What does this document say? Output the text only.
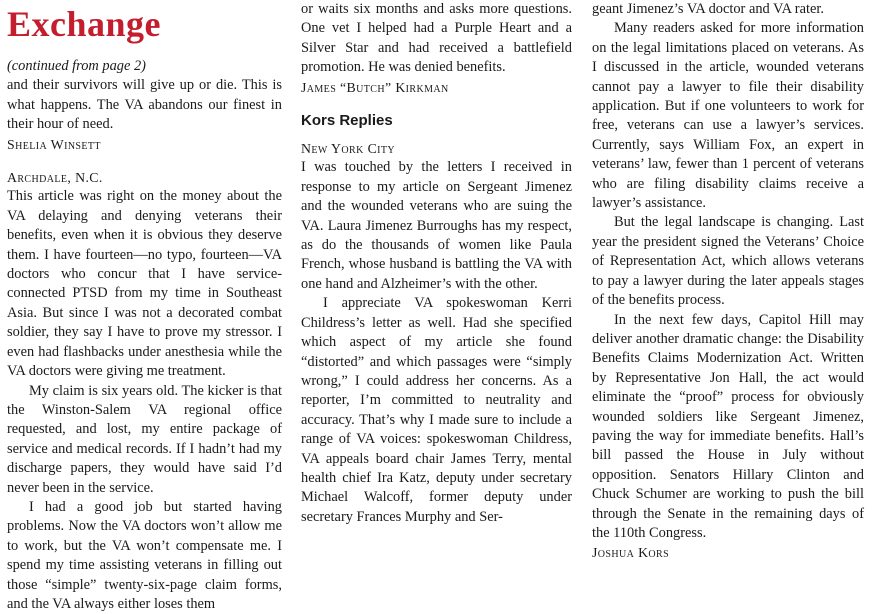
Exchange

(continued from page 2)

and their survivors will give up or die. This is what happens. The VA abandons our finest in their hour of need.

Shelia Winsett

Archdale, N.C.

This article was right on the money about the VA delaying and denying veterans their benefits, even when it is obvious they deserve them. I have fourteen—no typo, fourteen—VA doctors who concur that I have service-connected PTSD from my time in Southeast Asia. But since I was not a decorated combat soldier, they say I have to prove my stressor. I even had flashbacks under anesthesia while the VA doctors were giving me treatment.

My claim is six years old. The kicker is that the Winston-Salem VA regional office requested, and lost, my entire package of service and medical records. If I hadn’t had my discharge papers, they would have said I’d never been in the service.

I had a good job but started having problems. Now the VA doctors won’t allow me to work, but the VA won’t compensate me. I spend my time assisting veterans in filling out those “simple” twenty-six-page claim forms, and the VA always either loses them

or waits six months and asks more questions. One vet I helped had a Purple Heart and a Silver Star and had received a battlefield promotion. He was denied benefits.

James “Butch” Kirkman

Kors Replies

New York City

I was touched by the letters I received in response to my article on Sergeant Jimenez and the wounded veterans who are suing the VA. Laura Jimenez Burroughs has my respect, as do the thousands of women like Paula French, whose husband is battling the VA with one hand and Alzheimer’s with the other.

I appreciate VA spokeswoman Kerri Childress’s letter as well. Had she specified which aspect of my article she found “distorted” and which passages were “simply wrong,” I could address her concerns. As a reporter, I’m committed to neutrality and accuracy. That’s why I made sure to include a range of VA voices: spokeswoman Childress, VA appeals board chair James Terry, mental health chief Ira Katz, deputy under secretary Michael Walcoff, former deputy under secretary Frances Murphy and Ser-

geant Jimenez’s VA doctor and VA rater.

Many readers asked for more information on the legal limitations placed on veterans. As I discussed in the article, wounded veterans cannot pay a lawyer to file their disability application. But if one volunteers to work for free, veterans can use a lawyer’s services. Currently, says William Fox, an expert in veterans’ law, fewer than 1 percent of veterans who are filing disability claims receive a lawyer’s assistance.

But the legal landscape is changing. Last year the president signed the Veterans’ Choice of Representation Act, which allows veterans to pay a lawyer during the later appeals stages of the benefits process.

In the next few days, Capitol Hill may deliver another dramatic change: the Disability Benefits Claims Modernization Act. Written by Representative Jon Hall, the act would eliminate the “proof” process for obviously wounded soldiers like Sergeant Jimenez, paving the way for immediate benefits. Hall’s bill passed the House in July without opposition. Senators Hillary Clinton and Chuck Schumer are working to push the bill through the Senate in the remaining days of the 110th Congress.

Joshua Kors
